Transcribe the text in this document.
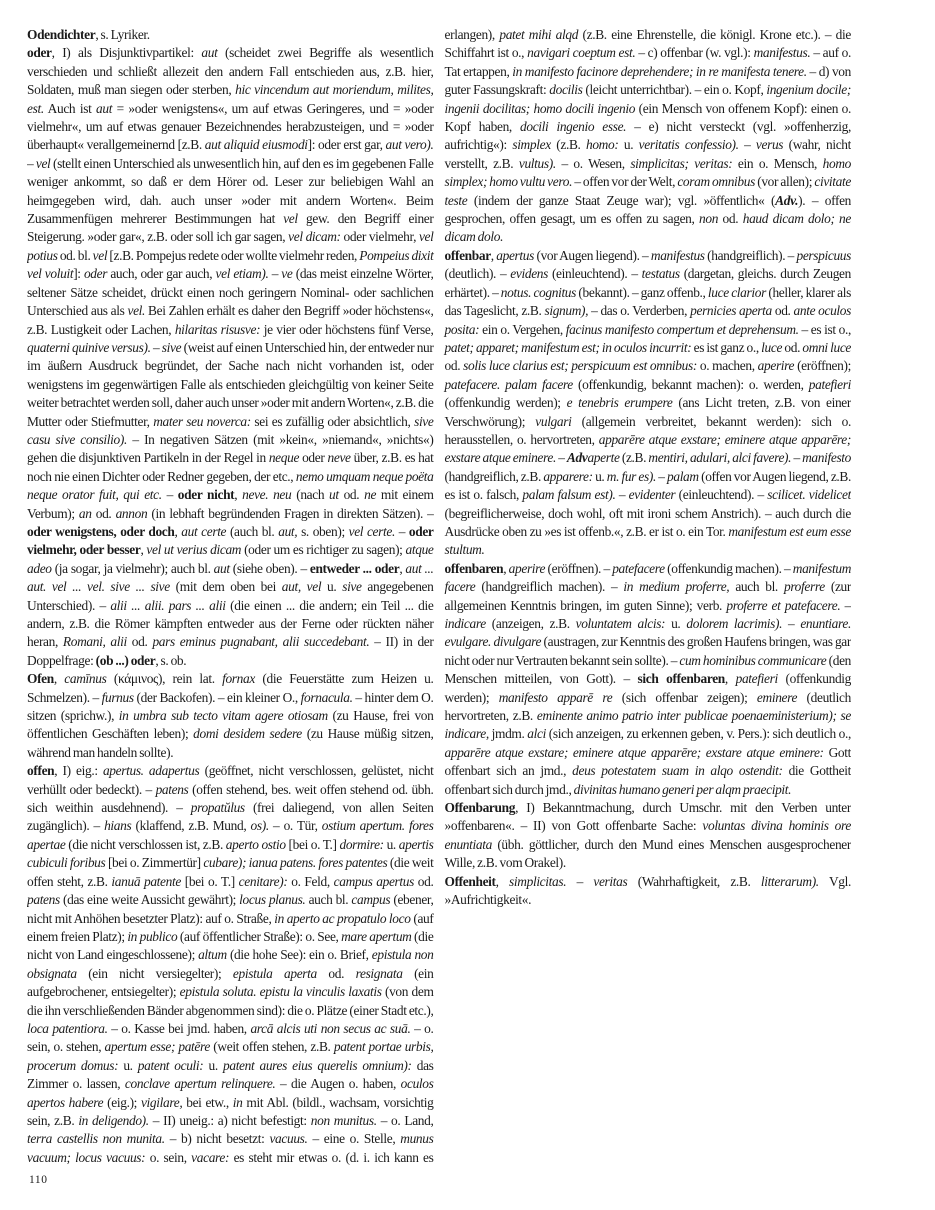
Odendichter, s. Lyriker.

oder, I) als Disjunktivpartikel: aut (scheidet zwei Begriffe als wesentlich verschieden und schließt allezeit den andern Fall entschieden aus, z.B. hier, Soldaten, muß man siegen oder sterben, hic vincendum aut moriendum, milites, est. Auch ist aut = »oder wenigstens«, um auf etwas Geringeres, und = »oder vielmehr«, um auf etwas genauer Bezeichnendes herabzusteigen, und = »oder überhaupt« verallgemeinernd [z.B. aut aliquid eiusmodi]: oder erst gar, aut vero). – vel (stellt einen Unterschied als unwesentlich hin, auf den es im gegebenen Falle weniger ankommt, so daß er dem Hörer od. Leser zur beliebigen Wahl an heimgegeben wird, dah. auch unser »oder mit andern Worten«. Beim Zusammenfügen mehrerer Bestimmungen hat vel gew. den Begriff einer Steigerung. »oder gar«, z.B. oder soll ich gar sagen, vel dicam: oder vielmehr, vel potius od. bl. vel [z.B. Pompejus redete oder wollte vielmehr reden, Pompeius dixit vel voluit]: oder auch, oder gar auch, vel etiam). – ve (das meist einzelne Wörter, seltener Sätze scheidet, drückt einen noch geringern Nominal- oder sachlichen Unterschied aus als vel. Bei Zahlen erhält es daher den Begriff »oder höchstens«, z.B. Lustigkeit oder Lachen, hilaritas risusve: je vier oder höchstens fünf Verse, quaterni quinive versus). – sive (weist auf einen Unterschied hin, der entweder nur im äußern Ausdruck begründet, der Sache nach nicht vorhanden ist, oder wenigstens im gegenwärtigen Falle als entschieden gleichgültig von keiner Seite weiter betrachtet werden soll, daher auch unser »oder mit andern Worten«, z.B. die Mutter oder Stiefmutter, mater seu noverca: sei es zufällig oder absichtlich, sive casu sive consilio). – In negativen Sätzen (mit »kein«, »niemand«, »nichts«) gehen die disjunktiven Partikeln in der Regel in neque oder neve über, z.B. es hat noch nie einen Dichter oder Redner gegeben, der etc., nemo umquam neque poëta neque orator fuit, qui etc. – oder nicht, neve. neu (nach ut od. ne mit einem Verbum); an od. annon (in lebhaft begründenden Fragen in direkten Sätzen). – oder wenigstens, oder doch, aut certe (auch bl. aut, s. oben); vel certe. – oder vielmehr, oder besser, vel ut verius dicam (oder um es richtiger zu sagen); atque adeo (ja sogar, ja vielmehr); auch bl. aut (siehe oben). – entweder ... oder, aut ... aut. vel ... vel. sive ... sive (mit dem oben bei aut, vel u. sive angegebenen Unterschied). – alii ... alii. pars ... alii (die einen ... die andern; ein Teil ... die andern, z.B. die Römer kämpften entweder aus der Ferne oder rückten näher heran, Romani, alii od. pars eminus pugnabant, alii succedebant. – II) in der Doppelfrage: (ob ...) oder, s. ob.

Ofen, camīnus (κάμινος), rein lat. fornax (die Feuerstätte zum Heizen u. Schmelzen). – furnus (der Backofen). – ein kleiner O., fornacula. – hinter dem O. sitzen (sprichw.), in umbra sub tecto vitam agere otiosam (zu Hause, frei von öffentlichen Geschäften leben); domi desidem sedere (zu Hause müßig sitzen, während man handeln sollte).

offen, I) eig.: apertus. adapertus (geöffnet, nicht verschlossen, gelüstet, nicht verhüllt oder bedeckt). – patens (offen stehend, bes. weit offen stehend od. übh. sich weithin ausdehnend). – propatŭlus (frei daliegend, von allen Seiten zugänglich). – hians (klaffend, z.B. Mund, os). – o. Tür, ostium apertum. fores apertae (die nicht verschlossen ist, z.B. aperto ostio [bei o. T.] dormire: u. apertis cubiculi foribus [bei o. Zimmertür] cubare); ianua patens. fores patentes (die weit offen steht, z.B. ianuā patente [bei o. T.] cenitare): o. Feld, campus apertus od. patens (das eine weite Aussicht gewährt); locus planus. auch bl. campus (ebener, nicht mit Anhöhen besetzter Platz): auf o. Straße, in aperto ac propatulo loco (auf einem freien Platz); in publico (auf öffentlicher Straße): o. See, mare apertum (die nicht von Land eingeschlossene); altum (die hohe See): ein o. Brief, epistula non obsignata (ein nicht versiegelter); epistula aperta od. resignata (ein aufgebrochener, entsiegelter); epistula soluta. epistu la vinculis laxatis (von dem die ihn verschließenden Bänder abgenommen sind): die o. Plätze (einer Stadt etc.), loca patentiora. – o. Kasse bei jmd. haben, arcā alcis uti non secus ac suā. – o. sein, o. stehen, apertum esse; patēre (weit offen stehen, z.B. patent portae urbis, procerum domus: u. patent oculi: u. patent aures eius querelis omnium): das Zimmer o. lassen, conclave apertum relinquere. – die Augen o. haben, oculos apertos habere (eig.); vigilare, bei etw., in mit Abl. (bildl., wachsam, vorsichtig sein, z.B. in deligendo). – II) uneig.: a) nicht befestigt: non munitus. – o. Land, terra castellis non munita. – b) nicht besetzt: vacuus. – eine o. Stelle, munus vacuum; locus vacuus: o. sein, vacare: es steht mir etwas o. (d. i. ich kann es erlangen), patet mihi alqd (z.B. eine Ehrenstelle, die königl. Krone etc.). – die Schiffahrt ist o., navigari coeptum est. – c) offenbar (w. vgl.): manifestus. – auf o. Tat ertappen, in manifesto facinore deprehendere; in re manifesta tenere. – d) von guter Fassungskraft: docilis (leicht unterrichtbar). – ein o. Kopf, ingenium docile; ingenii docilitas; homo docili ingenio (ein Mensch von offenem Kopf): einen o. Kopf haben, docili ingenio esse. – e) nicht versteckt (vgl. »offenherzig, aufrichtig«): simplex (z.B. homo: u. veritatis confessio). – verus (wahr, nicht verstellt, z.B. vultus). – o. Wesen, simplicitas; veritas: ein o. Mensch, homo simplex; homo vultu vero. – offen vor der Welt, coram omnibus (vor allen); civitate teste (indem der ganze Staat Zeuge war); vgl. »öffentlich« (Adv.). – offen gesprochen, offen gesagt, um es offen zu sagen, non od. haud dicam dolo; ne dicam dolo.

offenbar, apertus (vor Augen liegend). – manifestus (handgreiflich). – perspicuus (deutlich). – evidens (einleuchtend). – testatus (dargetan, gleichs. durch Zeugen erhärtet). – notus. cognitus (bekannt). – ganz offenb., luce clarior (heller, klarer als das Tageslicht, z.B. signum), – das o. Verderben, pernicies aperta od. ante oculos posita: ein o. Vergehen, facinus manifesto compertum et deprehensum. – es ist o., patet; apparet; manifestum est; in oculos incurrit: es ist ganz o., luce od. omni luce od. solis luce clarius est; perspicuum est omnibus: o. machen, aperire (eröffnen); patefacere. palam facere (offenkundig, bekannt machen): o. werden, patefieri (offenkundig werden); e tenebris erumpere (ans Licht treten, z.B. von einer Verschwörung); vulgari (allgemein verbreitet, bekannt werden): sich o. herausstellen, o. hervortreten, apparēre atque exstare; eminere atque apparēre; exstare atque eminere. – Advaperte (z.B. mentiri, adulari, alci favere). – manifesto (handgreiflich, z.B. apparere: u. m. fur es). – palam (offen vor Augen liegend, z.B. es ist o. falsch, palam falsum est). – evidenter (einleuchtend). – scilicet. videlicet (begreiflicherweise, doch wohl, oft mit ironi schem Anstrich). – auch durch die Ausdrücke oben zu »es ist offenb.«, z.B. er ist o. ein Tor. manifestum est eum esse stultum.

offenbaren, aperire (eröffnen). – patefacere (offenkundig machen). – manifestum facere (handgreiflich machen). – in medium proferre, auch bl. proferre (zur allgemeinen Kenntnis bringen, im guten Sinne); verb. proferre et patefacere. – indicare (anzeigen, z.B. voluntatem alcis: u. dolorem lacrimis). – enuntiare. evulgare. divulgare (austragen, zur Kenntnis des großen Haufens bringen, was gar nicht oder nur Vertrauten bekannt sein sollte). – cum hominibus communicare (den Menschen mitteilen, von Gott). – sich offenbaren, patefieri (offenkundig werden); manifesto apparē re (sich offenbar zeigen); eminere (deutlich hervortreten, z.B. eminente animo patrio inter publicae poenaeministerium); se indicare, jmdm. alci (sich anzeigen, zu erkennen geben, v. Pers.): sich deutlich o., apparēre atque exstare; eminere atque apparēre; exstare atque eminere: Gott offenbart sich an jmd., deus potestatem suam in alqo ostendit: die Gottheit offenbart sich durch jmd., divinitas humano generi per alqm praecipit.

Offenbarung, I) Bekanntmachung, durch Umschr. mit den Verben unter »offenbaren«. – II) von Gott offenbarte Sache: voluntas divina hominis ore enuntiata (übh. göttlicher, durch den Mund eines Menschen ausgesprochener Wille, z.B. vom Orakel).

Offenheit, simplicitas. – veritas (Wahrhaftigkeit, z.B. litterarum). Vgl. »Aufrichtigkeit«.

110
